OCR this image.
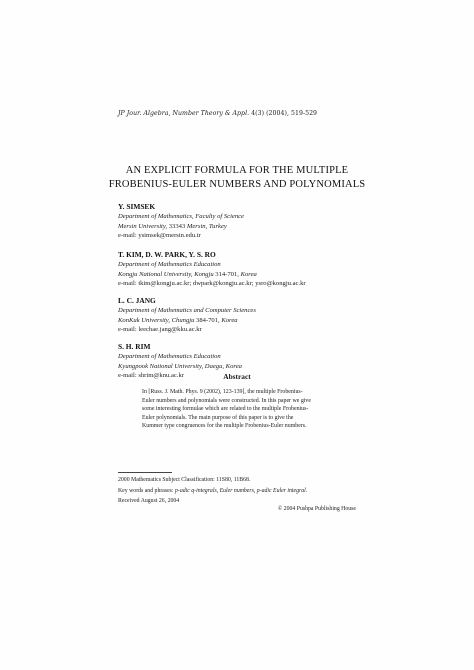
JP Jour. Algebra, Number Theory & Appl. 4(3) (2004), 519-529
AN EXPLICIT FORMULA FOR THE MULTIPLE
FROBENIUS-EULER NUMBERS AND POLYNOMIALS
Y. SIMSEK
Department of Mathematics, Faculty of Science
Mersin University, 33343 Mersin, Turkey
e-mail: ysimsek@mersin.edu.tr
T. KIM, D. W. PARK, Y. S. RO
Department of Mathematics Education
Kongju National University, Kongju 314-701, Korea
e-mail: tkim@kongju.ac.kr; dwpark@kongju.ac.kr; ysro@kongju.ac.kr
L. C. JANG
Department of Mathematics and Computer Sciences
KonKuk University, Chungju 384-701, Korea
e-mail: leechae.jang@kku.ac.kr
S. H. RIM
Department of Mathematics Education
Kyungpook National University, Daegu, Korea
e-mail: shrim@knu.ac.kr	Abstract
In [Russ. J. Math. Phys. 9 (2002), 123-139], the multiple Frobenius-
Euler numbers and polynomials were constructed. In this paper we give
some interesting formulae which are related to the multiple Frobenius-
Euler polynomials. The main purpose of this paper is to give the
Kummer type congruences for the multiple Frobenius-Euler numbers.
2000 Mathematics Subject Classification: 11S80, 11B68.
Key words and phrases: p-adic q-integrals, Euler numbers, p-adic Euler integral.
Received August 26, 2004
© 2004 Pushpa Publishing House
